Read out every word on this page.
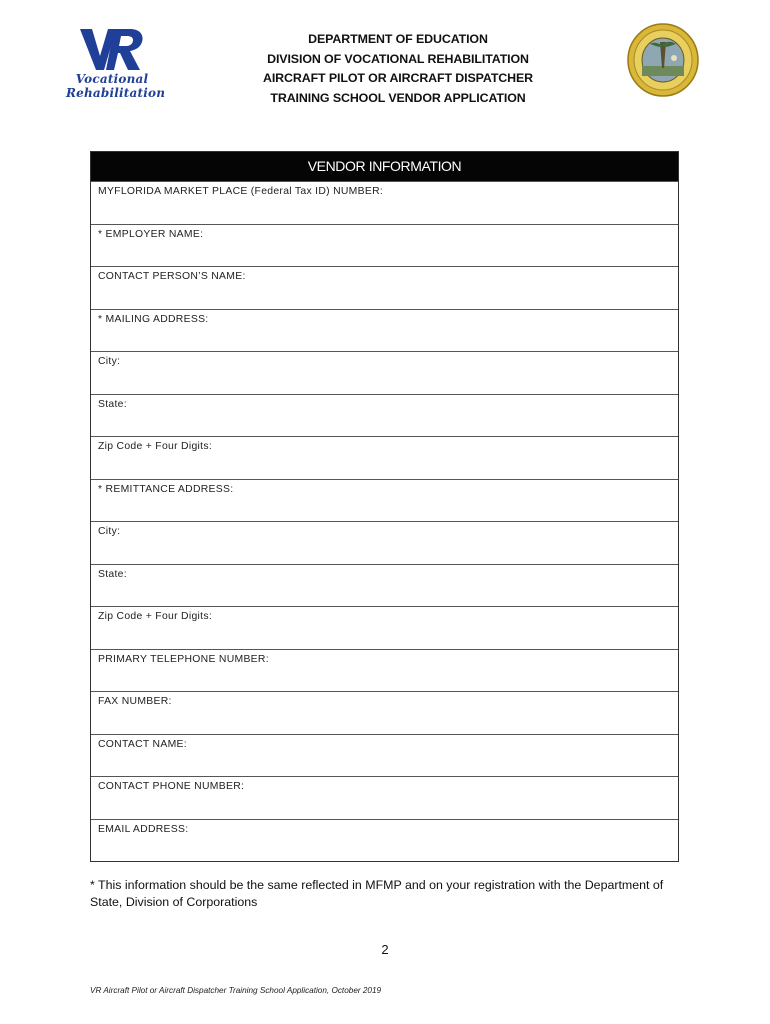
Vocational
Rehabilitation
DEPARTMENT OF EDUCATION
DIVISION OF VOCATIONAL REHABILITATION
AIRCRAFT PILOT OR AIRCRAFT DISPATCHER
TRAINING SCHOOL VENDOR APPLICATION
VENDOR INFORMATION
MYFLORIDA MARKET PLACE (Federal Tax ID) NUMBER:
* EMPLOYER NAME:
CONTACT PERSON’S NAME:
* MAILING ADDRESS:
City:
State:
Zip Code + Four Digits:
* REMITTANCE ADDRESS:
City:
State:
Zip Code + Four Digits:
PRIMARY TELEPHONE NUMBER:
FAX NUMBER:
CONTACT NAME:
CONTACT PHONE NUMBER:
EMAIL ADDRESS:
* This information should be the same reflected in MFMP and on your registration with the Department of State, Division of Corporations
2
VR Aircraft Pilot or Aircraft Dispatcher Training School Application, October 2019
